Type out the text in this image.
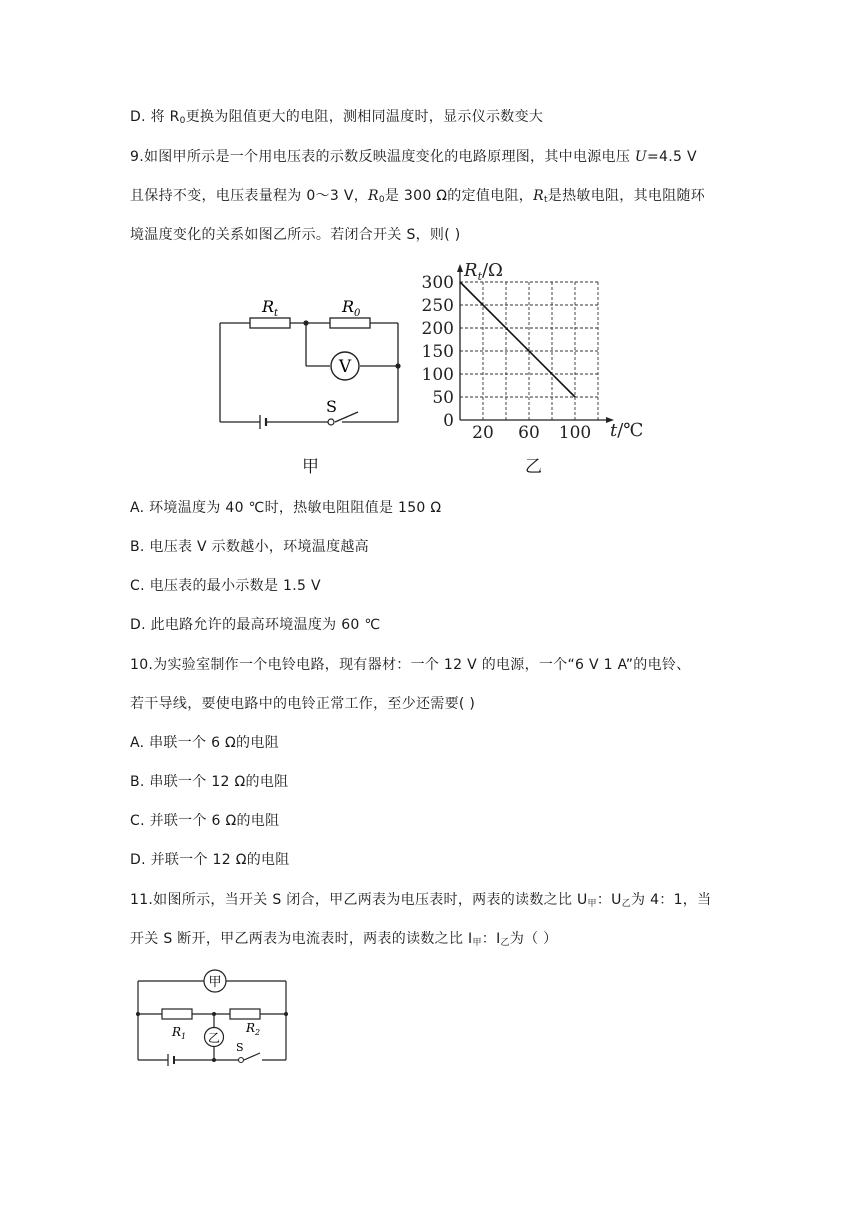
D. 将 $R_0$更换为阻值更大的电阻，测相同温度时，显示仪示数变大
9.如图甲所示是一个用电压表的示数反映温度变化的电路原理图，其中电源电压 U=4.5 V
且保持不变，电压表量程为 0～3 V，$R_0$是 300 Ω的定值电阻，$R_t$是热敏电阻，其电阻随环
境温度变化的关系如图乙所示。若闭合开关 S，则( )
V
$R_t$	$R_0$
S
甲
0
50
100
150
200
250
300
20 60 100
$R_t/\Omega$
t/℃
乙
A. 环境温度为 40 ℃时，热敏电阻阻值是 150 Ω
B. 电压表 V 示数越小，环境温度越高
C. 电压表的最小示数是 1.5 V
D. 此电路允许的最高环境温度为 60 ℃
10.为实验室制作一个电铃电路，现有器材：一个 12 V 的电源，一个“6 V 1 A”的电铃、
若干导线，要使电路中的电铃正常工作，至少还需要( )
A. 串联一个 6 Ω的电阻
B. 串联一个 12 Ω的电阻
C. 并联一个 6 Ω的电阻
D. 并联一个 12 Ω的电阻
11.如图所示，当开关 S 闭合，甲乙两表为电压表时，两表的读数之比 $U_甲$：$U_乙$为 4：1，当
开关 S 断开，甲乙两表为电流表时，两表的读数之比 $I_甲$：$I_乙$为（ ）
甲
乙
$R_1$
$R_2$
S
